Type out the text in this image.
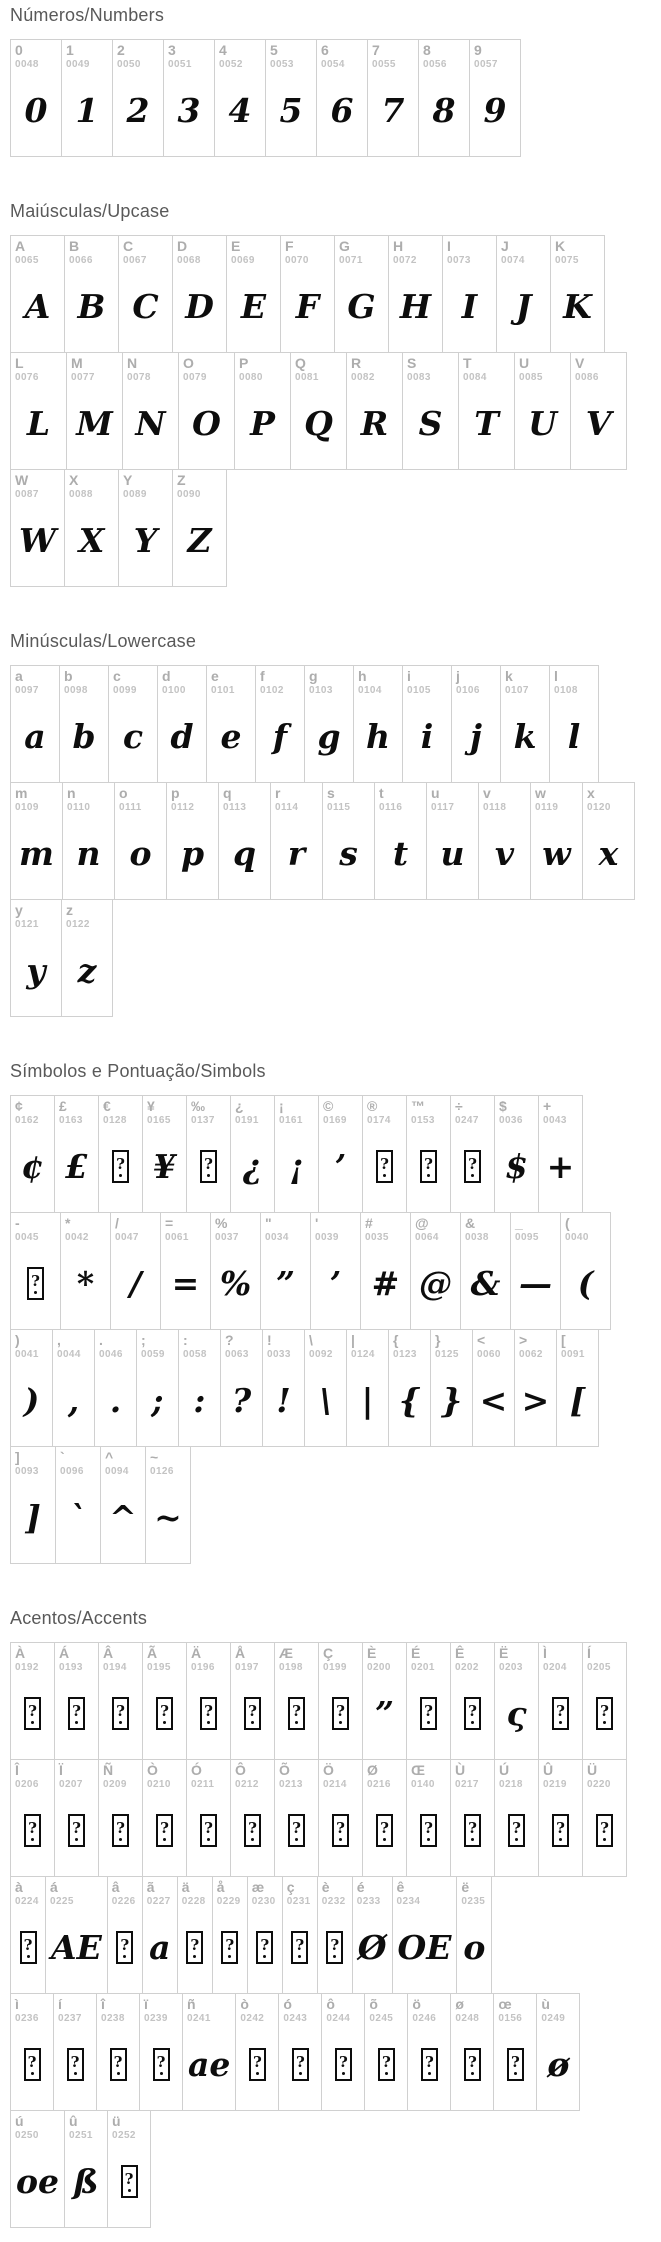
Números/Numbers
0
0048
0
1
0049
1
2
0050
2
3
0051
3
4
0052
4
5
0053
5
6
0054
6
7
0055
7
8
0056
8
9
0057
9
Maiúsculas/Upcase
A
0065
A
B
0066
B
C
0067
C
D
0068
D
E
0069
E
F
0070
F
G
0071
G
H
0072
H
I
0073
I
J
0074
J
K
0075
K
L
0076
L
M
0077
M
N
0078
N
O
0079
O
P
0080
P
Q
0081
Q
R
0082
R
S
0083
S
T
0084
T
U
0085
U
V
0086
V
W
0087
W
X
0088
X
Y
0089
Y
Z
0090
Z
Minúsculas/Lowercase
a
0097
a
b
0098
b
c
0099
c
d
0100
d
e
0101
e
f
0102
f
g
0103
g
h
0104
h
i
0105
i
j
0106
j
k
0107
k
l
0108
l
m
0109
m
n
0110
n
o
0111
o
p
0112
p
q
0113
q
r
0114
r
s
0115
s
t
0116
t
u
0117
u
v
0118
v
w
0119
w
x
0120
x
y
0121
y
z
0122
z
Símbolos e Pontuação/Simbols
¢
0162
¢
£
0163
£
€
0128
?
¥
0165
¥
‰
0137
?
¿
0191
¿
¡
0161
¡
©
0169
’
®
0174
?
™
0153
?
÷
0247
?
$
0036
$
+
0043
+
-
0045
?
*
0042
*
/
0047
/
=
0061
=
%
0037
%
"
0034
”
'
0039
’
#
0035
#
@
0064
@
&
0038
&
_
0095
—
(
0040
(
)
0041
)
,
0044
,
.
0046
.
;
0059
;
:
0058
:
?
0063
?
!
0033
!
\
0092
\
|
0124
|
{
0123
{
}
0125
}
<
0060
<
>
0062
>
[
0091
[
]
0093
]
`
0096
`
^
0094
^
~
0126
~
Acentos/Accents
À
0192
?
Á
0193
?
Â
0194
?
Ã
0195
?
Ä
0196
?
Å
0197
?
Æ
0198
?
Ç
0199
?
È
0200
”
É
0201
?
Ê
0202
?
Ë
0203
ς
Ì
0204
?
Í
0205
?
Î
0206
?
Ï
0207
?
Ñ
0209
?
Ò
0210
?
Ó
0211
?
Ô
0212
?
Õ
0213
?
Ö
0214
?
Ø
0216
?
Œ
0140
?
Ù
0217
?
Ú
0218
?
Û
0219
?
Ü
0220
?
à
0224
?
á
0225
AE
â
0226
?
ã
0227
a
ä
0228
?
å
0229
?
æ
0230
?
ç
0231
?
è
0232
?
é
0233
Ø
ê
0234
OE
ë
0235
o
ì
0236
?
í
0237
?
î
0238
?
ï
0239
?
ñ
0241
ae
ò
0242
?
ó
0243
?
ô
0244
?
õ
0245
?
ö
0246
?
ø
0248
?
œ
0156
?
ù
0249
ø
ú
0250
oe
û
0251
ß
ü
0252
?
